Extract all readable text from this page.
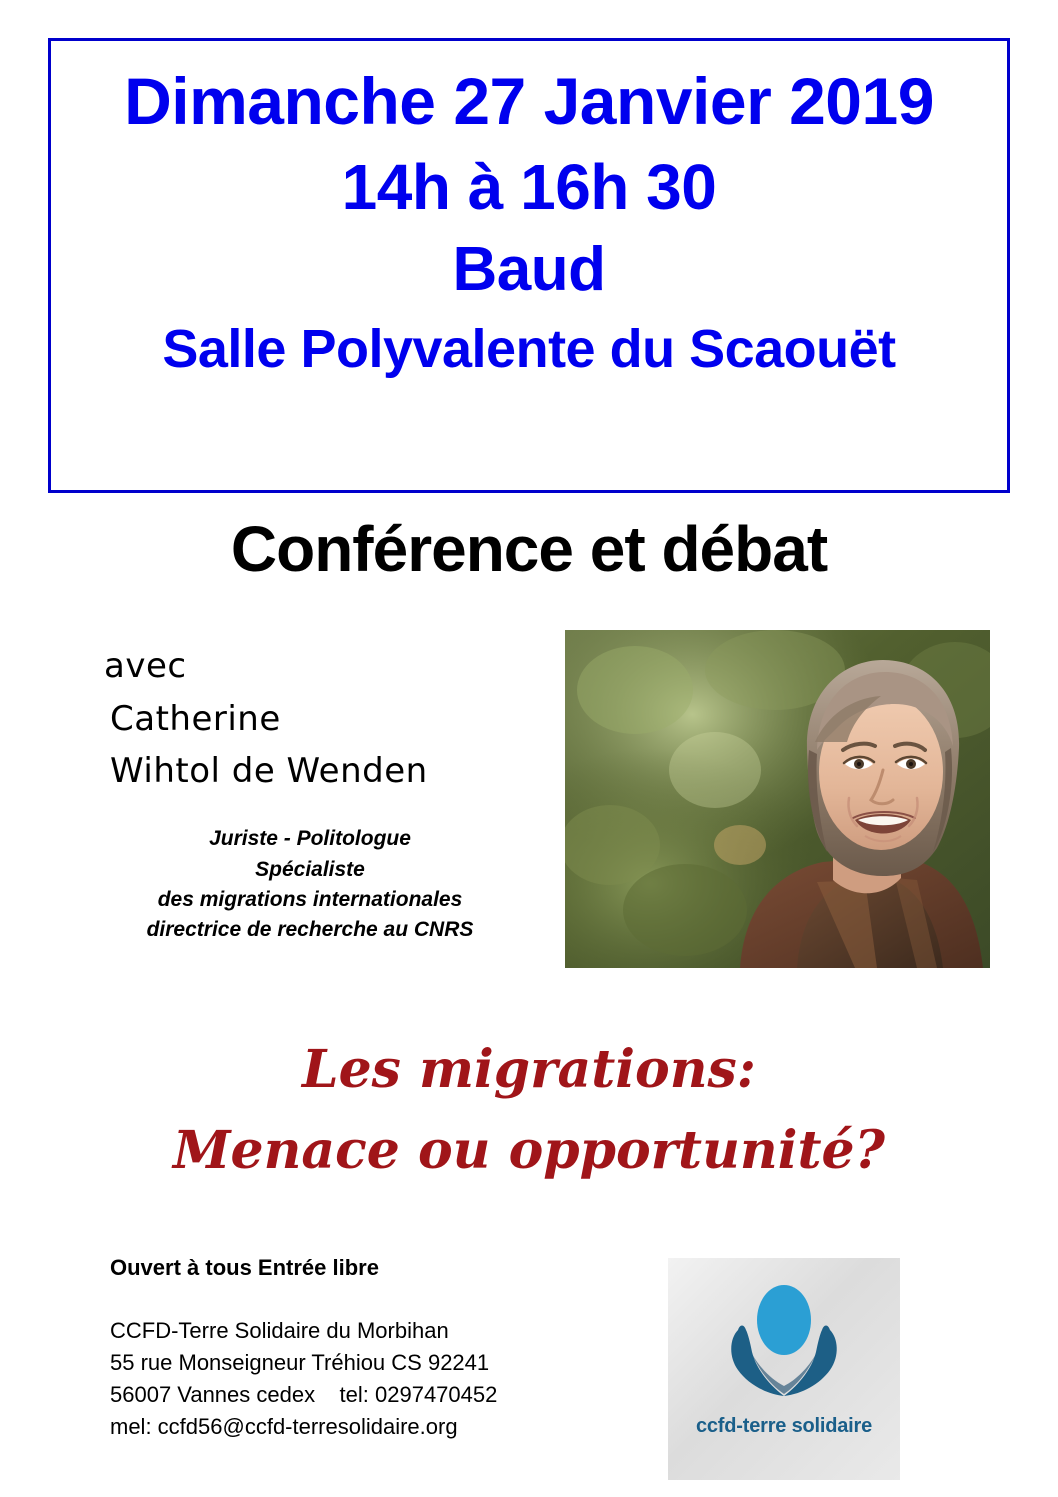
Dimanche 27 Janvier 2019
14h à 16h 30
Baud
Salle Polyvalente du Scaouët
Conférence et débat
avec
Catherine
Wihtol de Wenden
Juriste - Politologue
Spécialiste
des migrations internationales
directrice de recherche au CNRS
Les migrations:
Menace ou opportunité?
Ouvert à tous Entrée libre
CCFD-Terre Solidaire du Morbihan
55 rue Monseigneur Tréhiou CS 92241
56007 Vannes cedex    tel: 0297470452
mel: ccfd56@ccfd-terresolidaire.org	ccfd-terre solidaire
